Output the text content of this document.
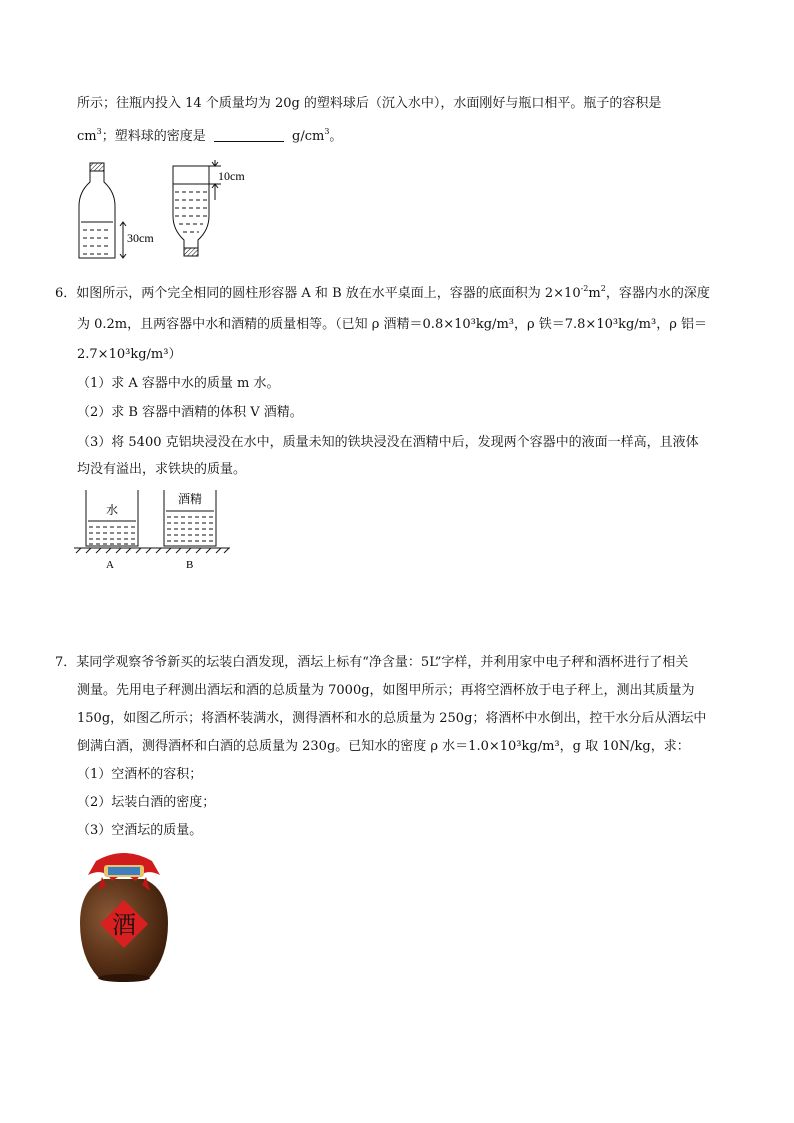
所示；往瓶内投入 14 个质量均为 20g 的塑料球后（沉入水中），水面刚好与瓶口相平。瓶子的容积是
$cm^3$；塑料球的密度是	$g/cm^3$。
30cm
10cm
6．如图所示，两个完全相同的圆柱形容器 A 和 B 放在水平桌面上，容器的底面积为 $2\times 10^{-2}m^2$，容器内水的深度
为 0.2m，且两容器中水和酒精的质量相等。（已知 ρ 酒精＝0.8×10³kg/m³，ρ 铁＝7.8×10³kg/m³，ρ 铝＝
2.7×10³kg/m³）
（1）求 A 容器中水的质量 m 水。
（2）求 B 容器中酒精的体积 V 酒精。
（3）将 5400 克铝块浸没在水中，质量未知的铁块浸没在酒精中后，发现两个容器中的液面一样高，且液体
均没有溢出，求铁块的质量。
水
酒精
A	B
7．某同学观察爷爷新买的坛装白酒发现，酒坛上标有“净含量：5L”字样，并利用家中电子秤和酒杯进行了相关
测量。先用电子秤测出酒坛和酒的总质量为 7000g，如图甲所示；再将空酒杯放于电子秤上，测出其质量为
150g，如图乙所示；将酒杯装满水，测得酒杯和水的总质量为 250g；将酒杯中水倒出，控干水分后从酒坛中
倒满白酒，测得酒杯和白酒的总质量为 230g。已知水的密度 ρ 水＝1.0×10³kg/m³，g 取 10N/kg，求：
（1）空酒杯的容积；
（2）坛装白酒的密度；
（3）空酒坛的质量。
酒
